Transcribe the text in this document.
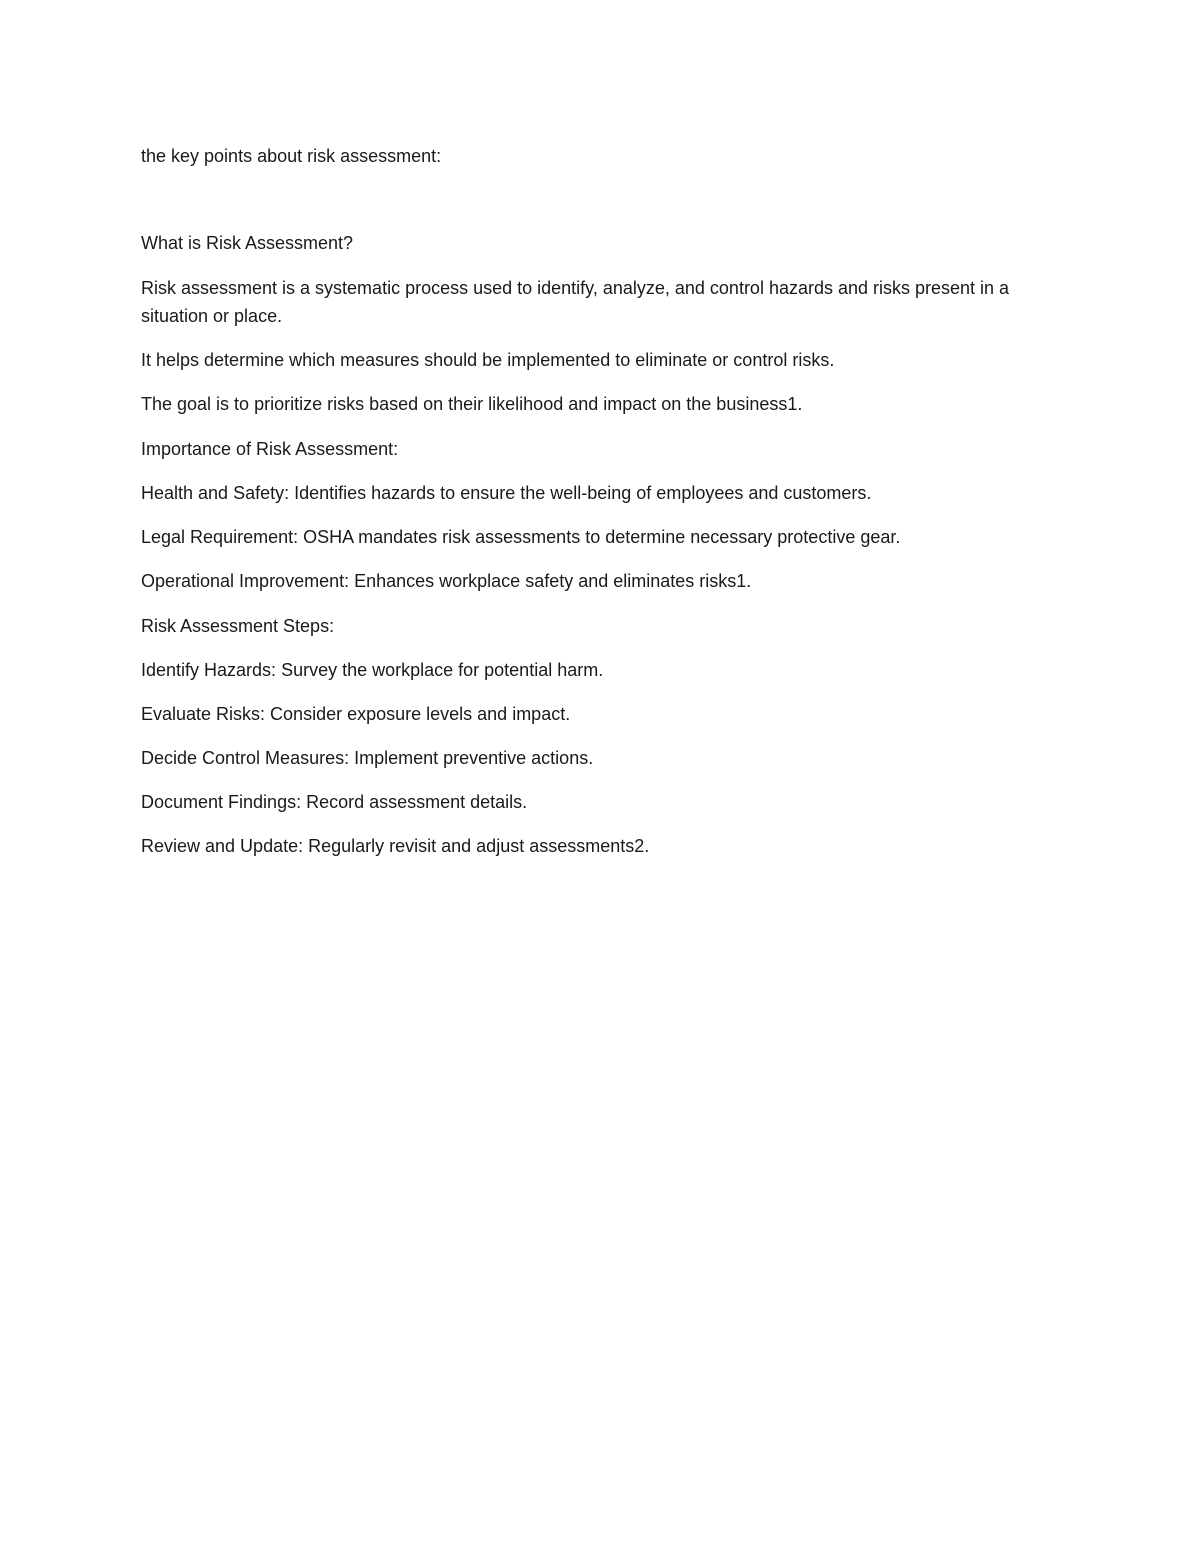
the key points about risk assessment:

What is Risk Assessment?

Risk assessment is a systematic process used to identify, analyze, and control hazards and risks present in a situation or place.

It helps determine which measures should be implemented to eliminate or control risks.

The goal is to prioritize risks based on their likelihood and impact on the business1.

Importance of Risk Assessment:

Health and Safety: Identifies hazards to ensure the well-being of employees and customers.

Legal Requirement: OSHA mandates risk assessments to determine necessary protective gear.

Operational Improvement: Enhances workplace safety and eliminates risks1.

Risk Assessment Steps:

Identify Hazards: Survey the workplace for potential harm.

Evaluate Risks: Consider exposure levels and impact.

Decide Control Measures: Implement preventive actions.

Document Findings: Record assessment details.

Review and Update: Regularly revisit and adjust assessments2.
